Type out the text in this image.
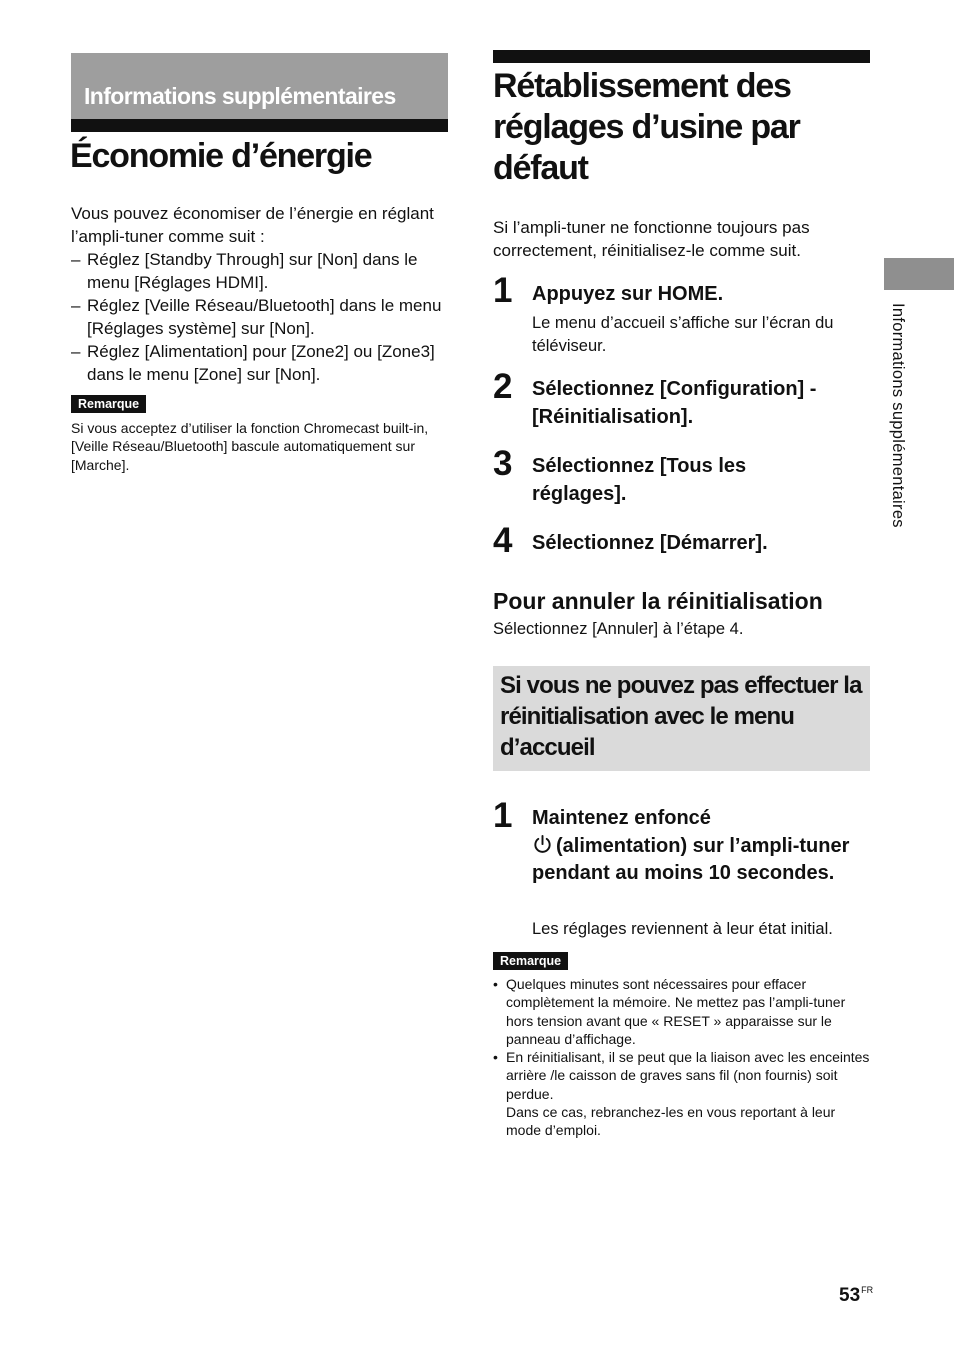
Informations supplémentaires
Économie d’énergie

Vous pouvez économiser de l’énergie en réglant l’ampli-tuner comme suit :

– Réglez [Standby Through] sur [Non] dans le menu [Réglages HDMI].
– Réglez [Veille Réseau/Bluetooth] dans le menu [Réglages système] sur [Non].
– Réglez [Alimentation] pour [Zone2] ou [Zone3] dans le menu [Zone] sur [Non].
Remarque

Si vous acceptez d’utiliser la fonction Chromecast built-in, [Veille Réseau/Bluetooth] bascule automatiquement sur [Marche].

Rétablissement des réglages d’usine par défaut

Si l’ampli-tuner ne fonctionne toujours pas correctement, réinitialisez-le comme suit.

1 Appuyez sur HOME.
Le menu d’accueil s’affiche sur l’écran du téléviseur.
2 Sélectionnez [Configuration] - [Réinitialisation].
3 Sélectionnez [Tous les réglages].
4 Sélectionnez [Démarrer].
Pour annuler la réinitialisation

Sélectionnez [Annuler] à l’étape 4.

Si vous ne pouvez pas effectuer la réinitialisation avec le menu d’accueil
1 Maintenez enfoncé
(alimentation) sur l’ampli-tuner pendant au moins 10 secondes.
Les réglages reviennent à leur état initial.
Remarque
• Quelques minutes sont nécessaires pour effacer complètement la mémoire. Ne mettez pas l’ampli-tuner hors tension avant que « RESET » apparaisse sur le panneau d’affichage.
• En réinitialisant, il se peut que la liaison avec les enceintes arrière /le caisson de graves sans fil (non fournis) soit perdue.
Dans ce cas, rebranchez-les en vous reportant à leur mode d’emploi.
Informations supplémentaires
$53^{FR}$
